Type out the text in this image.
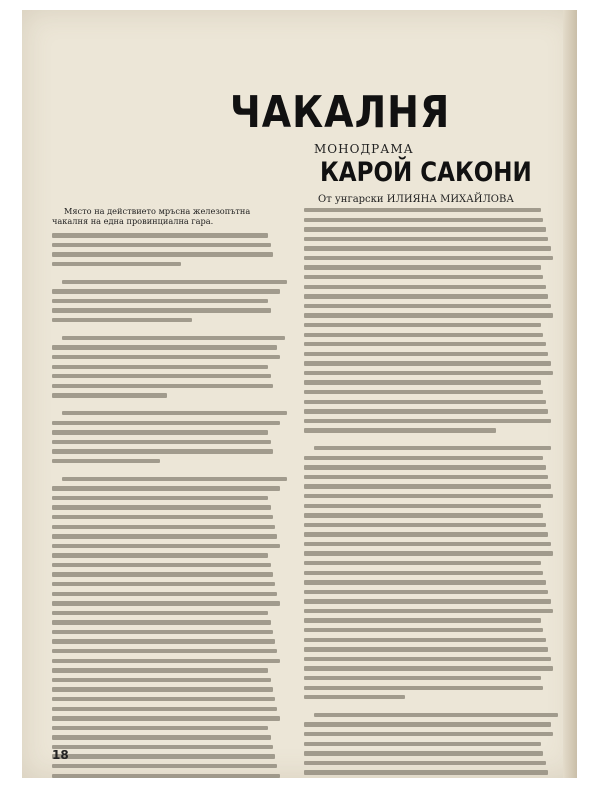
ЧАКАЛНЯ
МОНОДРАМА
КАРОЙ САКОНИ
От унгарски ИЛИЯНА МИХАЙЛОВА

Място на действието мръсна железопътна чакалня на една провинциална гара.

18
